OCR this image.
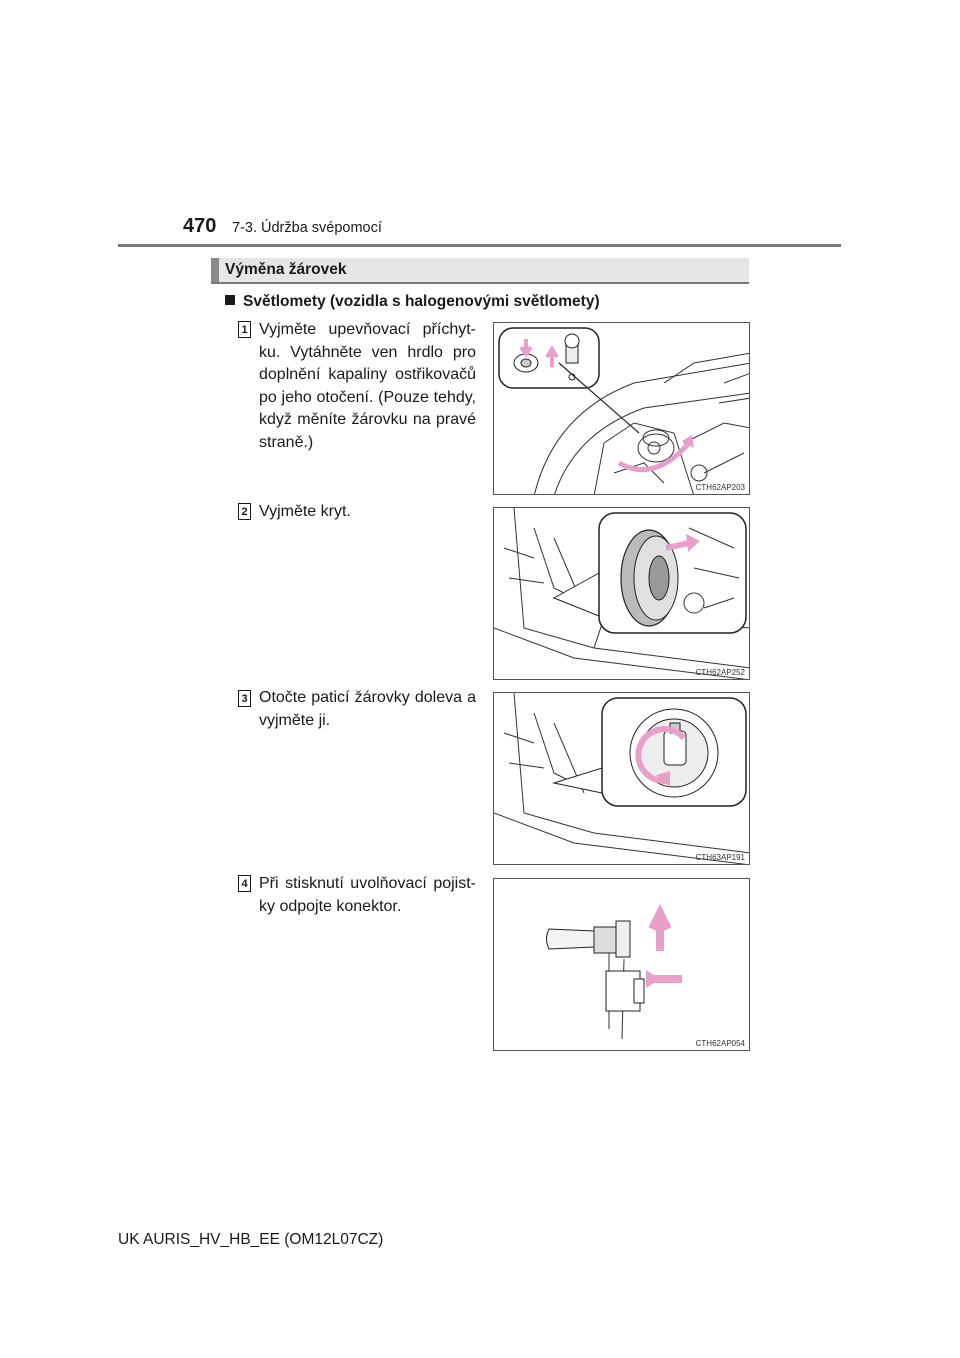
470 7-3. Údržba svépomocí
Výměna žárovek
Světlomety (vozidla s halogenovými světlomety)
1 Vyjměte upevňovací příchytku. Vytáhněte ven hrdlo pro doplnění kapaliny ostřikovačů po jeho otočení. (Pouze tehdy, když měníte žárovku na pravé straně.)
CTH62AP203
2 Vyjměte kryt.
CTH62AP252
3 Otočte paticí žárovky doleva a vyjměte ji.
CTH63AP191
4 Při stisknutí uvolňovací pojistky odpojte konektor.
CTH62AP054
UK AURIS_HV_HB_EE (OM12L07CZ)
